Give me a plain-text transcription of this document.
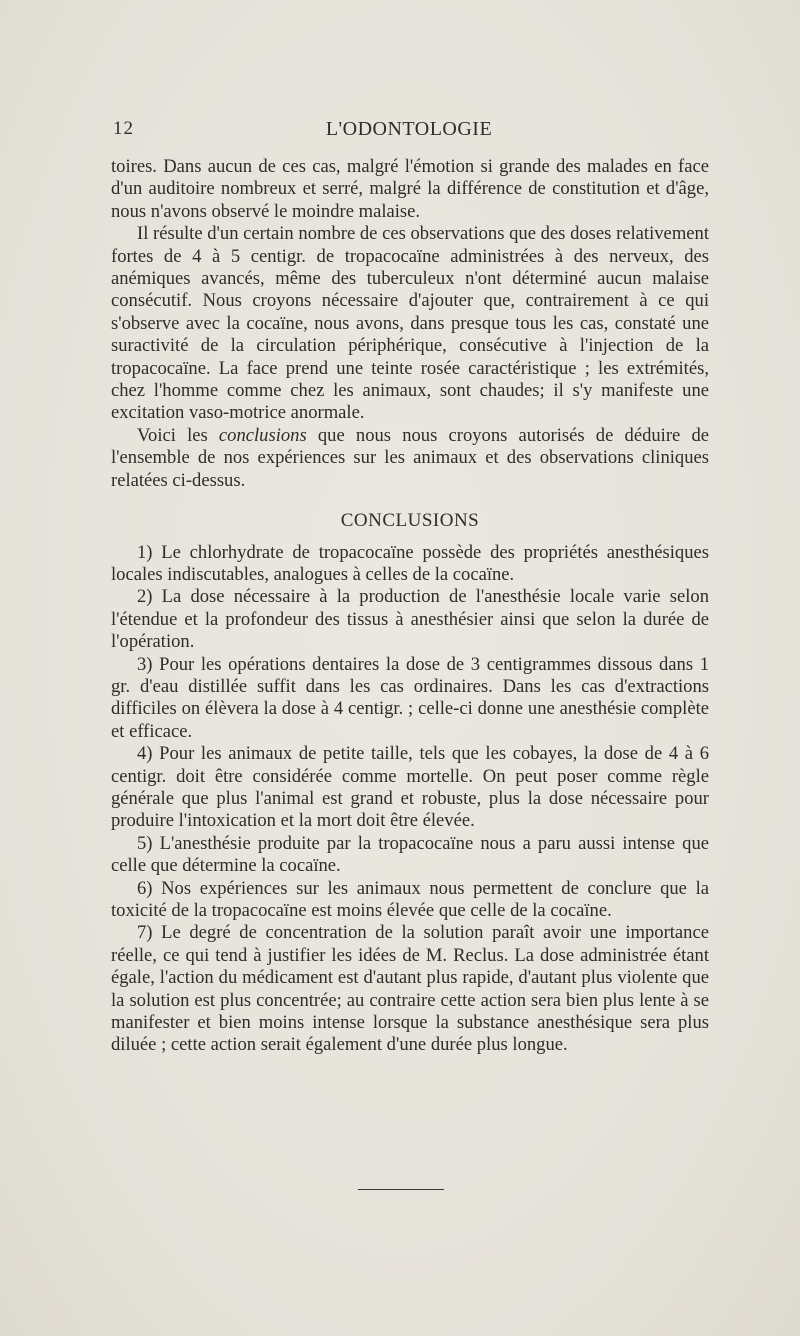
12	L'ODONTOLOGIE

toires. Dans aucun de ces cas, malgré l'émotion si grande des malades en face d'un auditoire nombreux et serré, malgré la différence de constitution et d'âge, nous n'avons observé le moindre malaise.

Il résulte d'un certain nombre de ces observations que des doses relativement fortes de 4 à 5 centigr. de tropacocaïne administrées à des nerveux, des anémiques avancés, même des tuberculeux n'ont déterminé aucun malaise consécutif. Nous croyons nécessaire d'ajouter que, contrairement à ce qui s'observe avec la cocaïne, nous avons, dans presque tous les cas, constaté une suractivité de la circulation périphérique, consécutive à l'injection de la tropacocaïne. La face prend une teinte rosée caractéristique ; les extrémités, chez l'homme comme chez les animaux, sont chaudes; il s'y manifeste une excitation vaso-motrice anormale.

Voici les conclusions que nous nous croyons autorisés de déduire de l'ensemble de nos expériences sur les animaux et des observations cliniques relatées ci-dessus.

CONCLUSIONS

1) Le chlorhydrate de tropacocaïne possède des propriétés anesthésiques locales indiscutables, analogues à celles de la cocaïne.

2) La dose nécessaire à la production de l'anesthésie locale varie selon l'étendue et la profondeur des tissus à anesthésier ainsi que selon la durée de l'opération.

3) Pour les opérations dentaires la dose de 3 centigrammes dissous dans 1 gr. d'eau distillée suffit dans les cas ordinaires. Dans les cas d'extractions difficiles on élèvera la dose à 4 centigr. ; celle-ci donne une anesthésie complète et efficace.

4) Pour les animaux de petite taille, tels que les cobayes, la dose de 4 à 6 centigr. doit être considérée comme mortelle. On peut poser comme règle générale que plus l'animal est grand et robuste, plus la dose nécessaire pour produire l'intoxication et la mort doit être élevée.

5) L'anesthésie produite par la tropacocaïne nous a paru aussi intense que celle que détermine la cocaïne.

6) Nos expériences sur les animaux nous permettent de conclure que la toxicité de la tropacocaïne est moins élevée que celle de la cocaïne.

7) Le degré de concentration de la solution paraît avoir une importance réelle, ce qui tend à justifier les idées de M. Reclus. La dose administrée étant égale, l'action du médicament est d'autant plus rapide, d'autant plus violente que la solution est plus concentrée; au contraire cette action sera bien plus lente à se manifester et bien moins intense lorsque la substance anesthésique sera plus diluée ; cette action serait également d'une durée plus longue.
